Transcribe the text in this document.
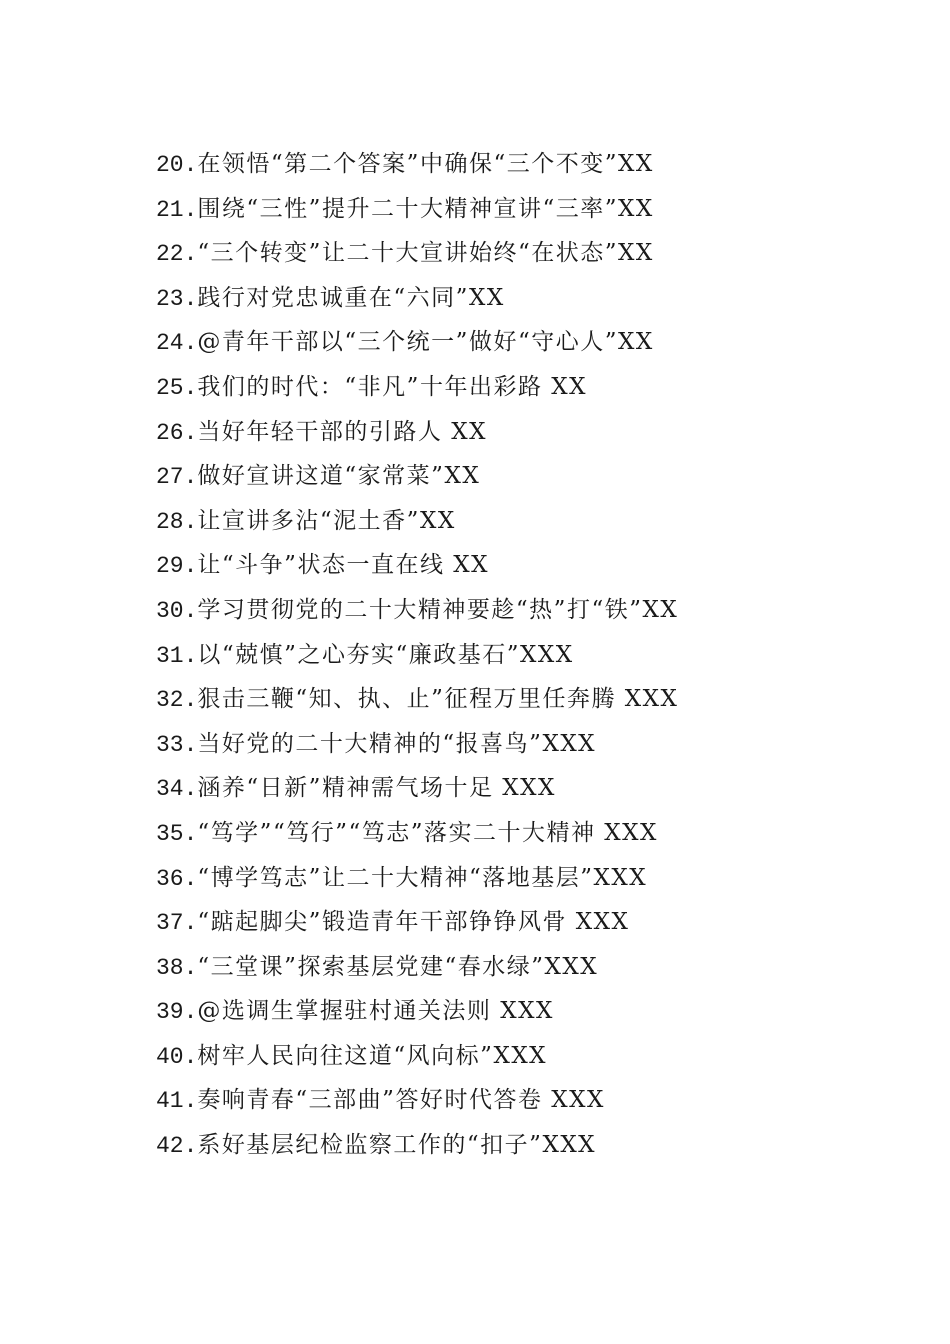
20.在领悟“第二个答案”中确保“三个不变”XX
21.围绕“三性”提升二十大精神宣讲“三率”XX
22.“三个转变”让二十大宣讲始终“在状态”XX
23.践行对党忠诚重在“六同”XX
24.@青年干部以“三个统一”做好“守心人”XX
25.我们的时代：“非凡”十年出彩路 XX
26.当好年轻干部的引路人 XX
27.做好宣讲这道“家常菜”XX
28.让宣讲多沾“泥土香”XX
29.让“斗争”状态一直在线 XX
30.学习贯彻党的二十大精神要趁“热”打“铁”XX
31.以“兢慎”之心夯实“廉政基石”XXX
32.狠击三鞭“知、执、止”征程万里任奔腾 XXX
33.当好党的二十大精神的“报喜鸟”XXX
34.涵养“日新”精神需气场十足 XXX
35.“笃学”“笃行”“笃志”落实二十大精神 XXX
36.“博学笃志”让二十大精神“落地基层”XXX
37.“踮起脚尖”锻造青年干部铮铮风骨 XXX
38.“三堂课”探索基层党建“春水绿”XXX
39.@选调生掌握驻村通关法则 XXX
40.树牢人民向往这道“风向标”XXX
41.奏响青春“三部曲”答好时代答卷 XXX
42.系好基层纪检监察工作的“扣子”XXX
